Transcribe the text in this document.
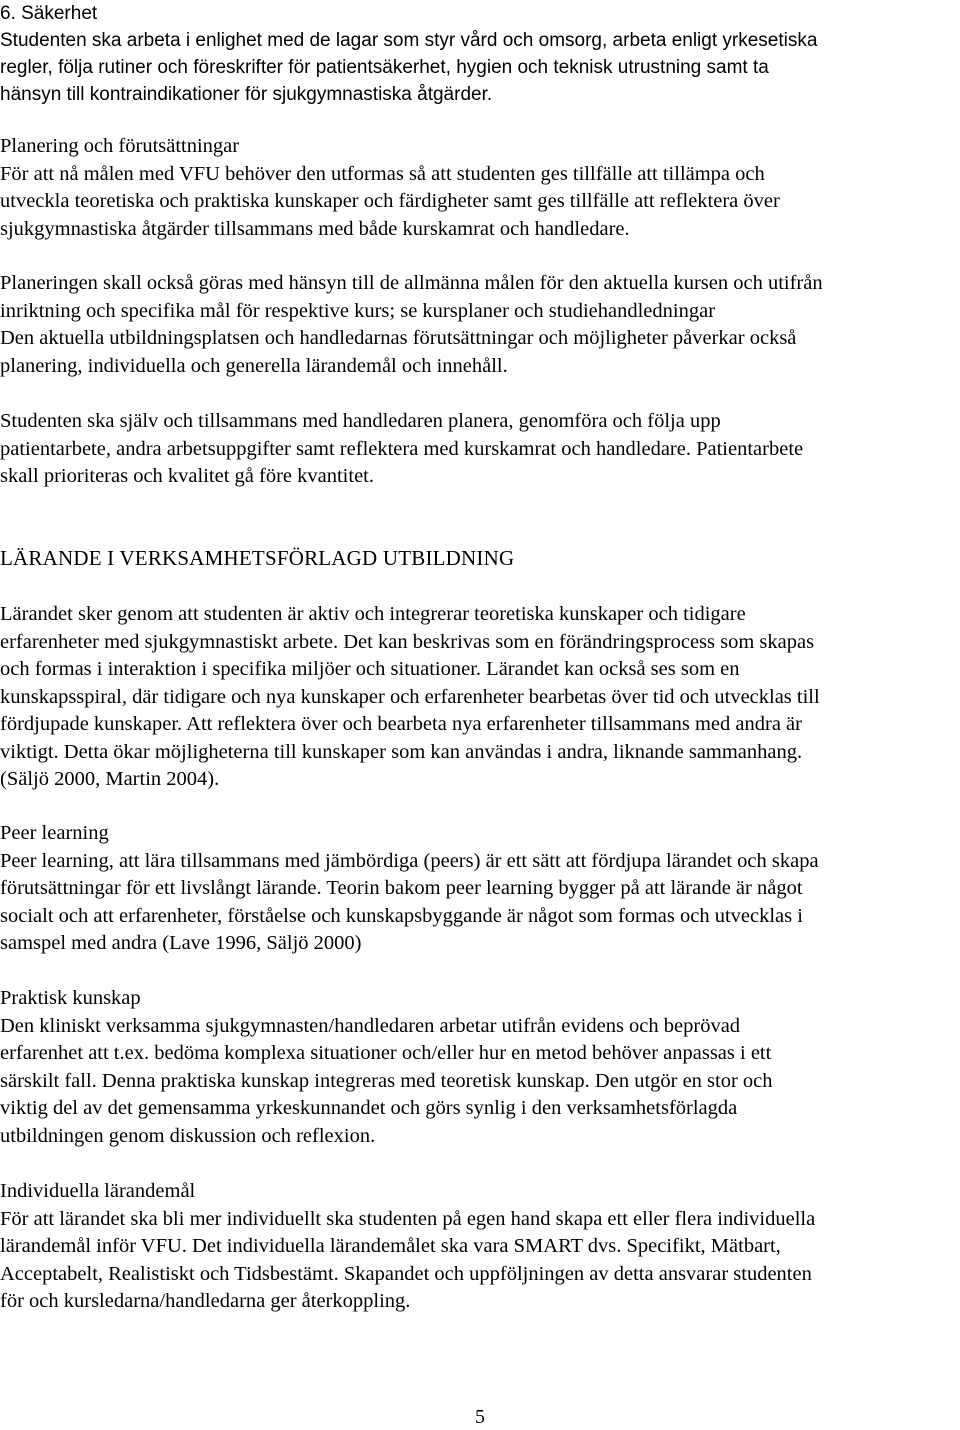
6. Säkerhet

Studenten ska arbeta i enlighet med de lagar som styr vård och omsorg, arbeta enligt yrkesetiska

regler, följa rutiner och föreskrifter för patientsäkerhet, hygien och teknisk utrustning samt ta

hänsyn till kontraindikationer för sjukgymnastiska åtgärder.

Planering och förutsättningar

För att nå målen med VFU behöver den utformas så att studenten ges tillfälle att tillämpa och

utveckla teoretiska och praktiska kunskaper och färdigheter samt ges tillfälle att reflektera över

sjukgymnastiska åtgärder tillsammans med både kurskamrat och handledare.

Planeringen skall också göras med hänsyn till de allmänna målen för den aktuella kursen och utifrån

inriktning och specifika mål för respektive kurs; se kursplaner och studiehandledningar

Den aktuella utbildningsplatsen och handledarnas förutsättningar och möjligheter påverkar också

planering, individuella och generella lärandemål och innehåll.

Studenten ska själv och tillsammans med handledaren planera, genomföra och följa upp

patientarbete, andra arbetsuppgifter samt reflektera med kurskamrat och handledare. Patientarbete

skall prioriteras och kvalitet gå före kvantitet.

LÄRANDE I VERKSAMHETSFÖRLAGD UTBILDNING

Lärandet sker genom att studenten är aktiv och integrerar teoretiska kunskaper och tidigare

erfarenheter med sjukgymnastiskt arbete. Det kan beskrivas som en förändringsprocess som skapas

och formas i interaktion i specifika miljöer och situationer. Lärandet kan också ses som en

kunskapsspiral, där tidigare och nya kunskaper och erfarenheter bearbetas över tid och utvecklas till

fördjupade kunskaper. Att reflektera över och bearbeta nya erfarenheter tillsammans med andra är

viktigt. Detta ökar möjligheterna till kunskaper som kan användas i andra, liknande sammanhang.

(Säljö 2000, Martin 2004).

Peer learning

Peer learning, att lära tillsammans med jämbördiga (peers) är ett sätt att fördjupa lärandet och skapa

förutsättningar för ett livslångt lärande. Teorin bakom peer learning bygger på att lärande är något

socialt och att erfarenheter, förståelse och kunskapsbyggande är något som formas och utvecklas i

samspel med andra (Lave 1996, Säljö 2000)

Praktisk kunskap

Den kliniskt verksamma sjukgymnasten/handledaren arbetar utifrån evidens och beprövad

erfarenhet att t.ex. bedöma komplexa situationer och/eller hur en metod behöver anpassas i ett

särskilt fall. Denna praktiska kunskap integreras med teoretisk kunskap. Den utgör en stor och

viktig del av det gemensamma yrkeskunnandet och görs synlig i den verksamhetsförlagda

utbildningen genom diskussion och reflexion.

Individuella lärandemål

För att lärandet ska bli mer individuellt ska studenten på egen hand skapa ett eller flera individuella

lärandemål inför VFU. Det individuella lärandemålet ska vara SMART dvs. Specifikt, Mätbart,

Acceptabelt, Realistiskt och Tidsbestämt. Skapandet och uppföljningen av detta ansvarar studenten

för och kursledarna/handledarna ger återkoppling.

5
